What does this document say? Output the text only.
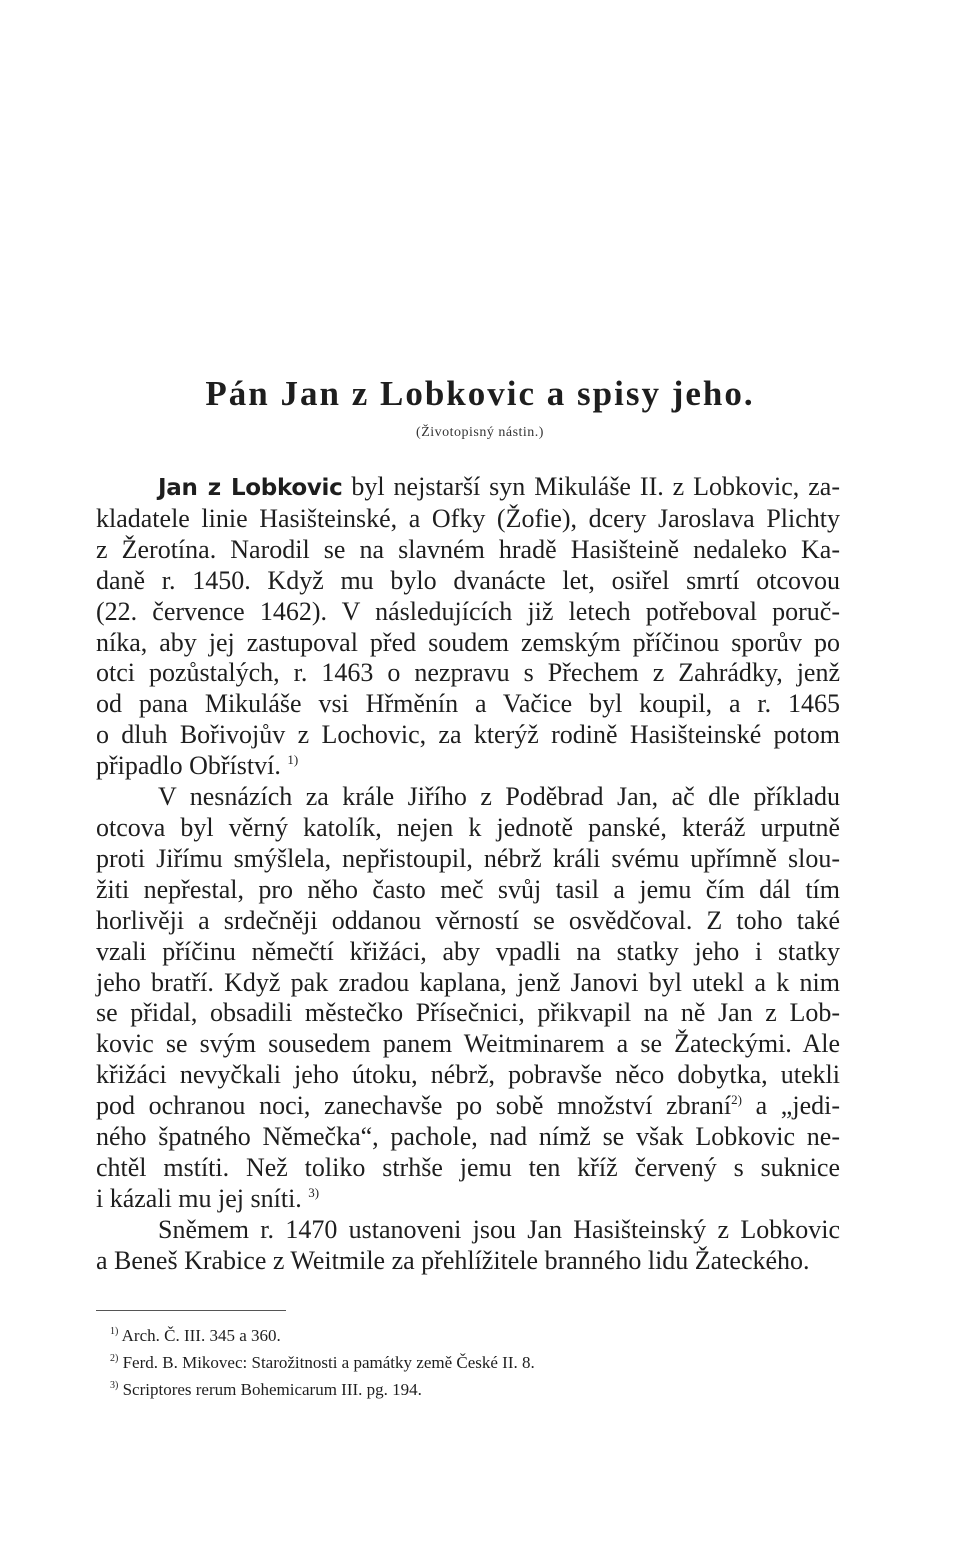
Pán Jan z Lobkovic a spisy jeho.
(Životopisný nástin.)

Jan z Lobkovic byl nejstarší syn Mikuláše II. z Lobkovic, za-
kladatele linie Hasišteinské, a Ofky (Žofie), dcery Jaroslava Plichty
z Žerotína. Narodil se na slavném hradě Hasišteině nedaleko Ka-
daně r. 1450. Když mu bylo dvanácte let, osiřel smrtí otcovou
(22. července 1462). V následujících již letech potřeboval poruč-
níka, aby jej zastupoval před soudem zemským příčinou sporův po
otci pozůstalých, r. 1463 o nezpravu s Přechem z Zahrádky, jenž
od pana Mikuláše vsi Hřměnín a Vačice byl koupil, a r. 1465
o dluh Bořivojův z Lochovic, za kterýž rodině Hasišteinské potom
připadlo Obříství. $^{1)}$

V nesnázích za krále Jiřího z Poděbrad Jan, ač dle příkladu
otcova byl věrný katolík, nejen k jednotě panské, kteráž urputně
proti Jiřímu smýšlela, nepřistoupil, nébrž králi svému upřímně slou-
žiti nepřestal, pro něho často meč svůj tasil a jemu čím dál tím
horlivěji a srdečněji oddanou věrností se osvědčoval. Z toho také
vzali příčinu němečtí křižáci, aby vpadli na statky jeho i statky
jeho bratří. Když pak zradou kaplana, jenž Janovi byl utekl a k nim
se přidal, obsadili městečko Přísečnici, přikvapil na ně Jan z Lob-
kovic se svým sousedem panem Weitminarem a se Žateckými. Ale
křižáci nevyčkali jeho útoku, nébrž, pobravše něco dobytka, utekli
pod ochranou noci, zanechavše po sobě množství zbraní$^{2)}$ a „jedi-
ného špatného Němečka“, pachole, nad nímž se však Lobkovic ne-
chtěl mstíti. Než toliko strhše jemu ten kříž červený s suknice
i kázali mu jej sníti. $^{3)}$

Sněmem r. 1470 ustanoveni jsou Jan Hasišteinský z Lobkovic
a Beneš Krabice z Weitmile za přehlížitele branného lidu Žateckého.

$^{1)}$ Arch. Č. III. 345 a 360.
$^{2)}$ Ferd. B. Mikovec: Starožitnosti a památky země České II. 8.
$^{3)}$ Scriptores rerum Bohemicarum III. pg. 194.
